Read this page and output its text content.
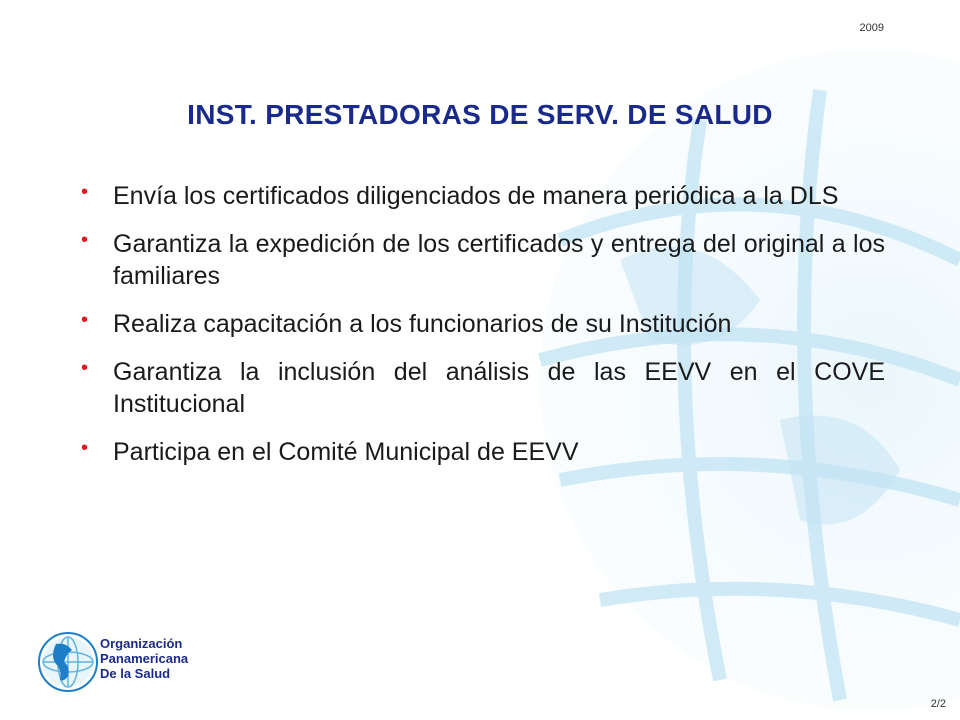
2009
INST. PRESTADORAS DE SERV. DE SALUD
• Envía los certificados diligenciados de manera periódica a la DLS
• Garantiza la expedición de los certificados y entrega del original a los familiares
• Realiza capacitación a los funcionarios de su Institución
• Garantiza la inclusión del análisis de las EEVV en el COVE Institucional
• Participa en el Comité Municipal de EEVV
Organización
Panamericana
De la Salud
2/2
